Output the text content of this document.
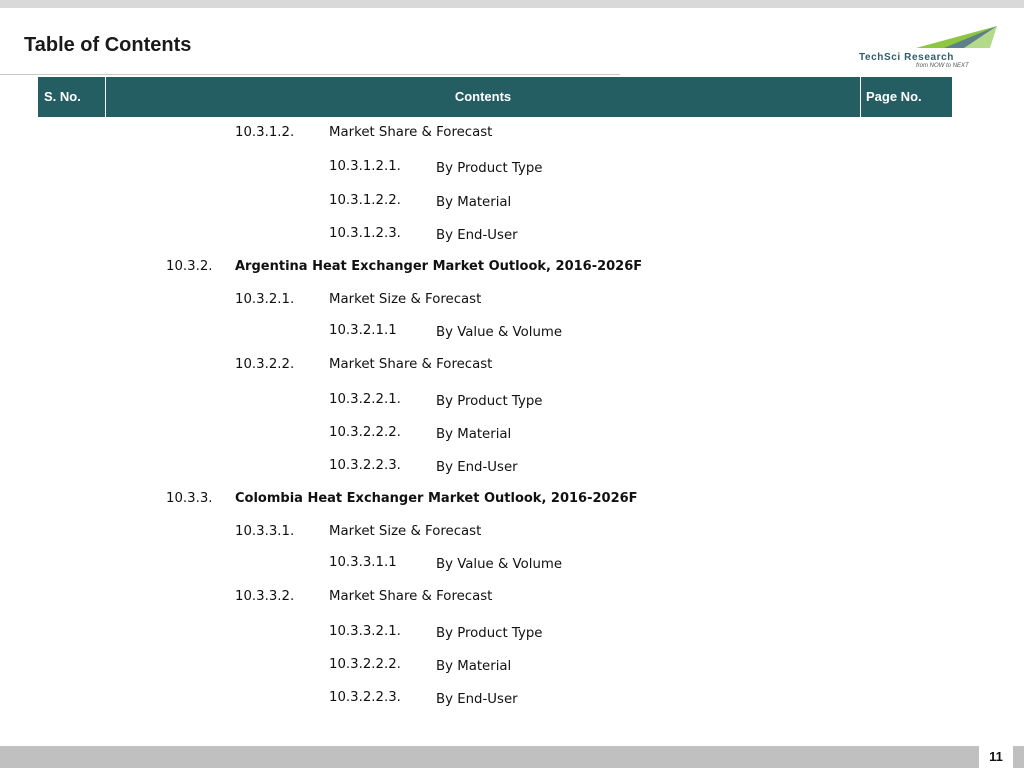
Table of Contents
TechSci Research
from NOW to NEXT
S. No.	Contents	Page No.
10.3.1.2.	Market Share & Forecast
10.3.1.2.1.	By Product Type
10.3.1.2.2.	By Material
10.3.1.2.3.	By End-User
10.3.2. Argentina Heat Exchanger Market Outlook, 2016-2026F
10.3.2.1.	Market Size & Forecast
10.3.2.1.1	By Value & Volume
10.3.2.2.	Market Share & Forecast
10.3.2.2.1.	By Product Type
10.3.2.2.2.	By Material
10.3.2.2.3.	By End-User
10.3.3. Colombia Heat Exchanger Market Outlook, 2016-2026F
10.3.3.1.	Market Size & Forecast
10.3.3.1.1	By Value & Volume
10.3.3.2.	Market Share & Forecast
10.3.3.2.1.	By Product Type
10.3.2.2.2.	By Material
10.3.2.2.3.	By End-User
11
